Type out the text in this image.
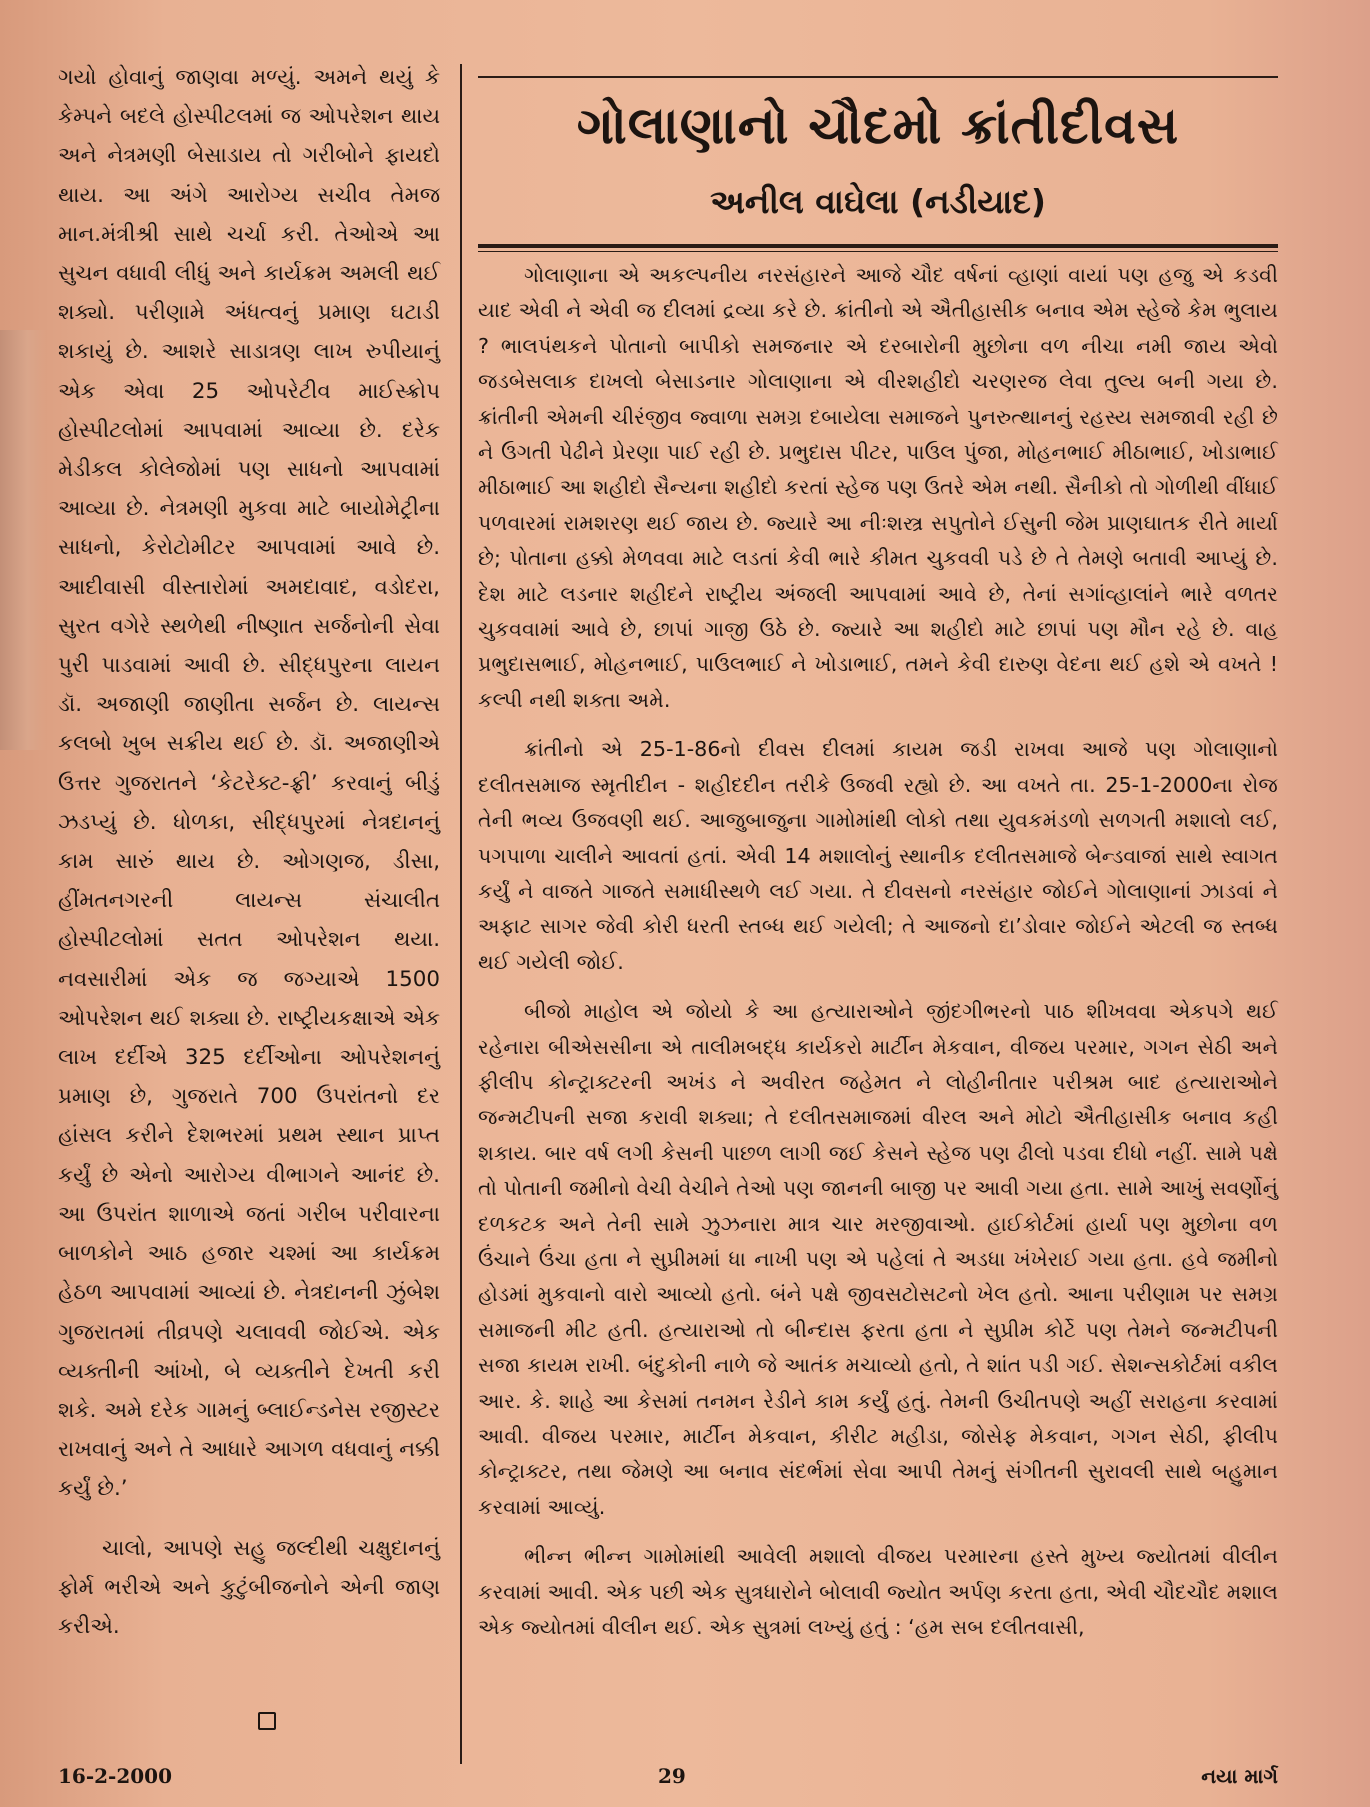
ગયો હોવાનું જાણવા મળ્યું. અમને થયું કે કેમ્પને બદલે હોસ્પીટલમાં જ ઓપરેશન થાય અને નેત્રમણી બેસાડાય તો ગરીબોને ફાયદો થાય. આ અંગે આરોગ્ય સચીવ તેમજ માન.મંત્રીશ્રી સાથે ચર્ચા કરી. તેઓએ આ સુચન વધાવી લીધું અને કાર્યક્રમ અમલી થઈ શક્યો. પરીણામે અંધત્વનું પ્રમાણ ઘટાડી શકાયું છે. આશરે સાડાત્રણ લાખ રુપીયાનું એક એવા 25 ઓપરેટીવ માઈસ્ક્રોપ હોસ્પીટલોમાં આપવામાં આવ્યા છે. દરેક મેડીકલ કોલેજોમાં પણ સાધનો આપવામાં આવ્યા છે. નેત્રમણી મુકવા માટે બાયોમેટ્રીના સાધનો, કેરોટોમીટર આપવામાં આવે છે. આદીવાસી વીસ્તારોમાં અમદાવાદ, વડોદરા, સુરત વગેરે સ્થળેથી નીષ્ણાત સર્જનોની સેવા પુરી પાડવામાં આવી છે. સીદ્ધપુરના લાયન ડૉ. અજાણી જાણીતા સર્જન છે. લાયન્સ કલબો ખુબ સક્રીય થઈ છે. ડૉ. અજાણીએ ઉત્તર ગુજરાતને ‘કેટરેક્ટ-ફ્રી’ કરવાનું બીડું ઝડપ્યું છે. ધોળકા, સીદ્ધપુરમાં નેત્રદાનનું કામ સારું થાય છે. ઓગણજ, ડીસા, હીંમતનગરની લાયન્સ સંચાલીત હોસ્પીટલોમાં સતત ઓપરેશન થયા. નવસારીમાં એક જ જગ્યાએ 1500 ઓપરેશન થઈ શક્યા છે. રાષ્ટ્રીયકક્ષાએ એક લાખ દર્દીએ 325 દર્દીઓના ઓપરેશનનું પ્રમાણ છે, ગુજરાતે 700 ઉપરાંતનો દર હાંસલ કરીને દેશભરમાં પ્રથમ સ્થાન પ્રાપ્ત કર્યું છે એનો આરોગ્ય વીભાગને આનંદ છે. આ ઉપરાંત શાળાએ જતાં ગરીબ પરીવારના બાળકોને આઠ હજાર ચશ્માં આ કાર્યક્રમ હેઠળ આપવામાં આવ્યાં છે. નેત્રદાનની ઝુંબેશ ગુજરાતમાં તીવ્રપણે ચલાવવી જોઈએ. એક વ્યક્તીની આંખો, બે વ્યક્તીને દેખતી કરી શકે. અમે દરેક ગામનું બ્લાઈન્ડનેસ રજીસ્ટર રાખવાનું અને તે આધારે આગળ વધવાનું નક્કી કર્યું છે.’

ચાલો, આપણે સહુ જલ્દીથી ચક્ષુદાનનું ફોર્મ ભરીએ અને કુટુંબીજનોને એની જાણ કરીએ.

ગોલાણાનો ચૌદમો ક્રાંતીદીવસ
અનીલ વાઘેલા (નડીયાદ)

ગોલાણાના એ અકલ્પનીય નરસંહારને આજે ચૌદ વર્ષનાં વ્હાણાં વાયાં પણ હજુ એ કડવી યાદ એવી ને એવી જ દીલમાં દ્રવ્યા કરે છે. ક્રાંતીનો એ ઐતીહાસીક બનાવ એમ સ્હેજે કેમ ભુલાય ? ભાલપંથકને પોતાનો બાપીકો સમજનાર એ દરબારોની મુછોના વળ નીચા નમી જાય એવો જડબેસલાક દાખલો બેસાડનાર ગોલાણાના એ વીરશહીદો ચરણરજ લેવા તુલ્ય બની ગયા છે. ક્રાંતીની એમની ચીરંજીવ જ્વાળા સમગ્ર દબાયેલા સમાજને પુનરુત્થાનનું રહસ્ય સમજાવી રહી છે ને ઉગતી પેઢીને પ્રેરણા પાઈ રહી છે. પ્રભુદાસ પીટર, પાઉલ પુંજા, મોહનભાઈ મીઠાભાઈ, ખોડાભાઈ મીઠાભાઈ આ શહીદો સૈન્યના શહીદો કરતાં સ્હેજ પણ ઉતરે એમ નથી. સૈનીકો તો ગોળીથી વીંધાઈ પળવારમાં રામશરણ થઈ જાય છે. જ્યારે આ નીઃશસ્ત્ર સપુતોને ઈસુની જેમ પ્રાણઘાતક રીતે માર્યા છે; પોતાના હક્કો મેળવવા માટે લડતાં કેવી ભારે કીમત ચુકવવી પડે છે તે તેમણે બતાવી આપ્યું છે. દેશ માટે લડનાર શહીદને રાષ્ટ્રીય અંજલી આપવામાં આવે છે, તેનાં સગાંવ્હાલાંને ભારે વળતર ચુકવવામાં આવે છે, છાપાં ગાજી ઉઠે છે. જ્યારે આ શહીદો માટે છાપાં પણ મૌન રહે છે. વાહ પ્રભુદાસભાઈ, મોહનભાઈ, પાઉલભાઈ ને ખોડાભાઈ, તમને કેવી દારુણ વેદના થઈ હશે એ વખતે ! કલ્પી નથી શક્તા અમે.

ક્રાંતીનો એ 25-1-86નો દીવસ દીલમાં કાયમ જડી રાખવા આજે પણ ગોલાણાનો દલીતસમાજ સ્મૃતીદીન - શહીદદીન તરીકે ઉજવી રહ્યો છે. આ વખતે તા. 25-1-2000ના રોજ તેની ભવ્ય ઉજવણી થઈ. આજુબાજુના ગામોમાંથી લોકો તથા યુવકમંડળો સળગતી મશાલો લઈ, પગપાળા ચાલીને આવતાં હતાં. એવી 14 મશાલોનું સ્થાનીક દલીતસમાજે બેન્ડવાજાં સાથે સ્વાગત કર્યું ને વાજતે ગાજતે સમાધીસ્થળે લઈ ગયા. તે દીવસનો નરસંહાર જોઈને ગોલાણાનાં ઝાડવાં ને અફાટ સાગર જેવી કોરી ધરતી સ્તબ્ધ થઈ ગયેલી; તે આજનો દા’ડોવાર જોઈને એટલી જ સ્તબ્ધ થઈ ગયેલી જોઈ.

બીજો માહોલ એ જોયો કે આ હત્યારાઓને જીંદગીભરનો પાઠ શીખવવા એકપગે થઈ રહેનારા બીએસસીના એ તાલીમબદ્ધ કાર્યકરો માર્ટીન મેકવાન, વીજય પરમાર, ગગન સેઠી અને ફીલીપ કોન્ટ્રાક્ટરની અખંડ ને અવીરત જહેમત ને લોહીનીતાર પરીશ્રમ બાદ હત્યારાઓને જન્મટીપની સજા કરાવી શક્યા; તે દલીતસમાજમાં વીરલ અને મોટો ઐતીહાસીક બનાવ કહી શકાય. બાર વર્ષ લગી કેસની પાછળ લાગી જઈ કેસને સ્હેજ પણ ઢીલો પડવા દીધો નહીં. સામે પક્ષે તો પોતાની જમીનો વેચી વેચીને તેઓ પણ જાનની બાજી પર આવી ગયા હતા. સામે આખું સવર્ણોનું દળકટક અને તેની સામે ઝુઝનારા માત્ર ચાર મરજીવાઓ. હાઈકોર્ટમાં હાર્યા પણ મુછોના વળ ઉંચાને ઉંચા હતા ને સુપ્રીમમાં ધા નાખી પણ એ પહેલાં તે અડધા ખંખેરાઈ ગયા હતા. હવે જમીનો હોડમાં મુકવાનો વારો આવ્યો હતો. બંને પક્ષે જીવસટોસટનો ખેલ હતો. આના પરીણામ પર સમગ્ર સમાજની મીટ હતી. હત્યારાઓ તો બીન્દાસ ફરતા હતા ને સુપ્રીમ કોર્ટે પણ તેમને જન્મટીપની સજા કાયમ રાખી. બંદુકોની નાળે જે આતંક મચાવ્યો હતો, તે શાંત પડી ગઈ. સેશન્સકોર્ટમાં વકીલ આર. કે. શાહે આ કેસમાં તનમન રેડીને કામ કર્યું હતું. તેમની ઉચીતપણે અહીં સરાહના કરવામાં આવી. વીજય પરમાર, માર્ટીન મેકવાન, કીરીટ મહીડા, જોસેફ મેકવાન, ગગન સેઠી, ફીલીપ કોન્ટ્રાક્ટર, તથા જેમણે આ બનાવ સંદર્ભમાં સેવા આપી તેમનું સંગીતની સુરાવલી સાથે બહુમાન કરવામાં આવ્યું.

ભીન્ન ભીન્ન ગામોમાંથી આવેલી મશાલો વીજય પરમારના હસ્તે મુખ્ય જ્યોતમાં વીલીન કરવામાં આવી. એક પછી એક સુત્રધારોને બોલાવી જ્યોત અર્પણ કરતા હતા, એવી ચૌદચૌદ મશાલ એક જ્યોતમાં વીલીન થઈ. એક સુત્રમાં લખ્યું હતું : ‘હમ સબ દલીતવાસી,

16-2-2000	29	નયા માર્ગ
